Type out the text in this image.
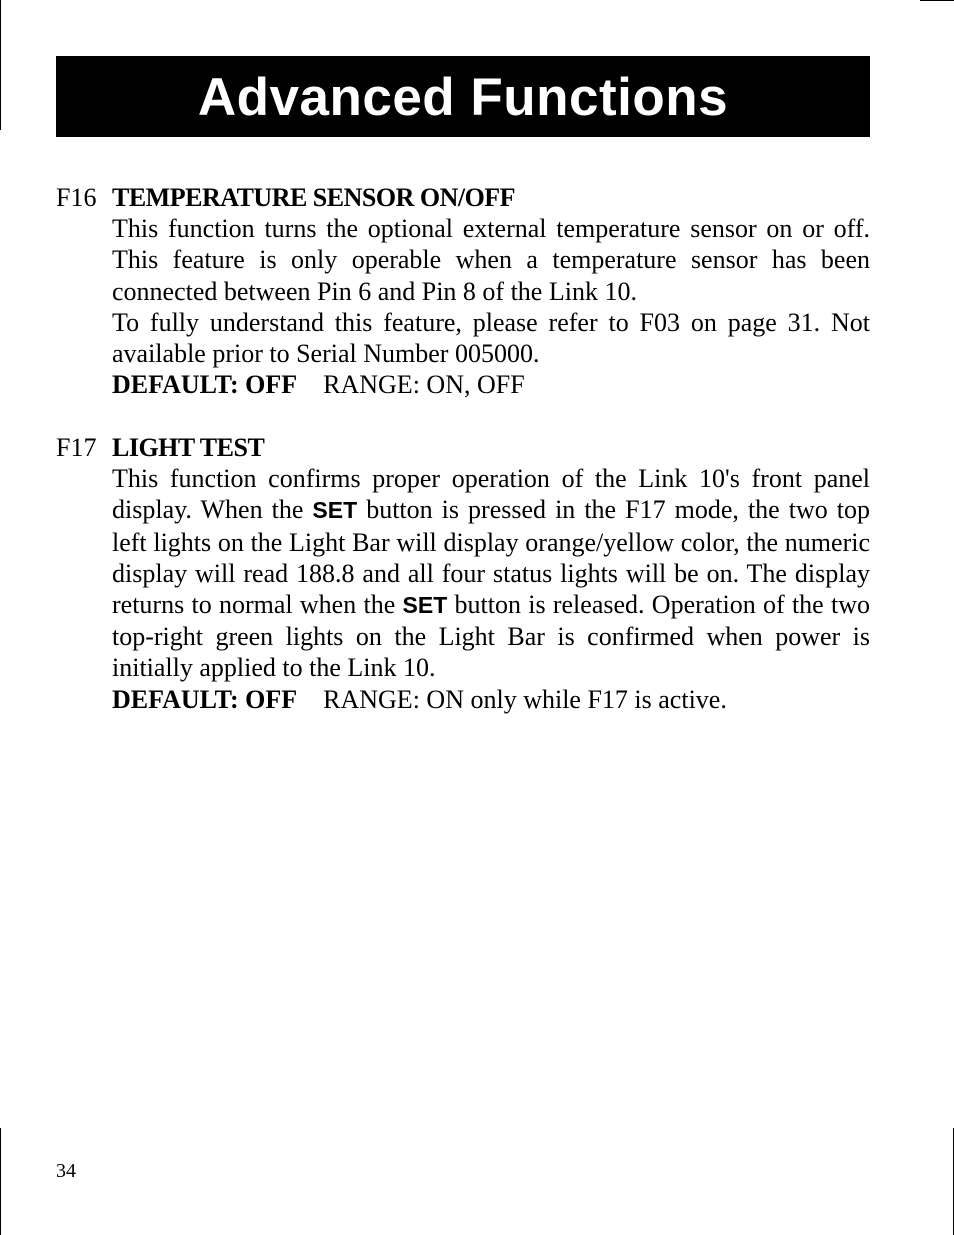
Advanced Functions
F16 TEMPERATURE SENSOR ON/OFF
This function turns the optional external temperature sensor on or off. This feature is only operable when a temperature sensor has been connected between Pin 6 and Pin 8 of the Link 10.
To fully understand this feature, please refer to F03 on page 31. Not available prior to Serial Number 005000.
DEFAULT: OFF RANGE: ON, OFF
F17 LIGHT TEST
This function confirms proper operation of the Link 10's front panel display. When the SET button is pressed in the F17 mode, the two top left lights on the Light Bar will display orange/yellow color, the numeric display will read 188.8 and all four status lights will be on. The display returns to normal when the SET button is released. Operation of the two top-right green lights on the Light Bar is confirmed when power is initially applied to the Link 10.
DEFAULT: OFF RANGE: ON only while F17 is active.
34
